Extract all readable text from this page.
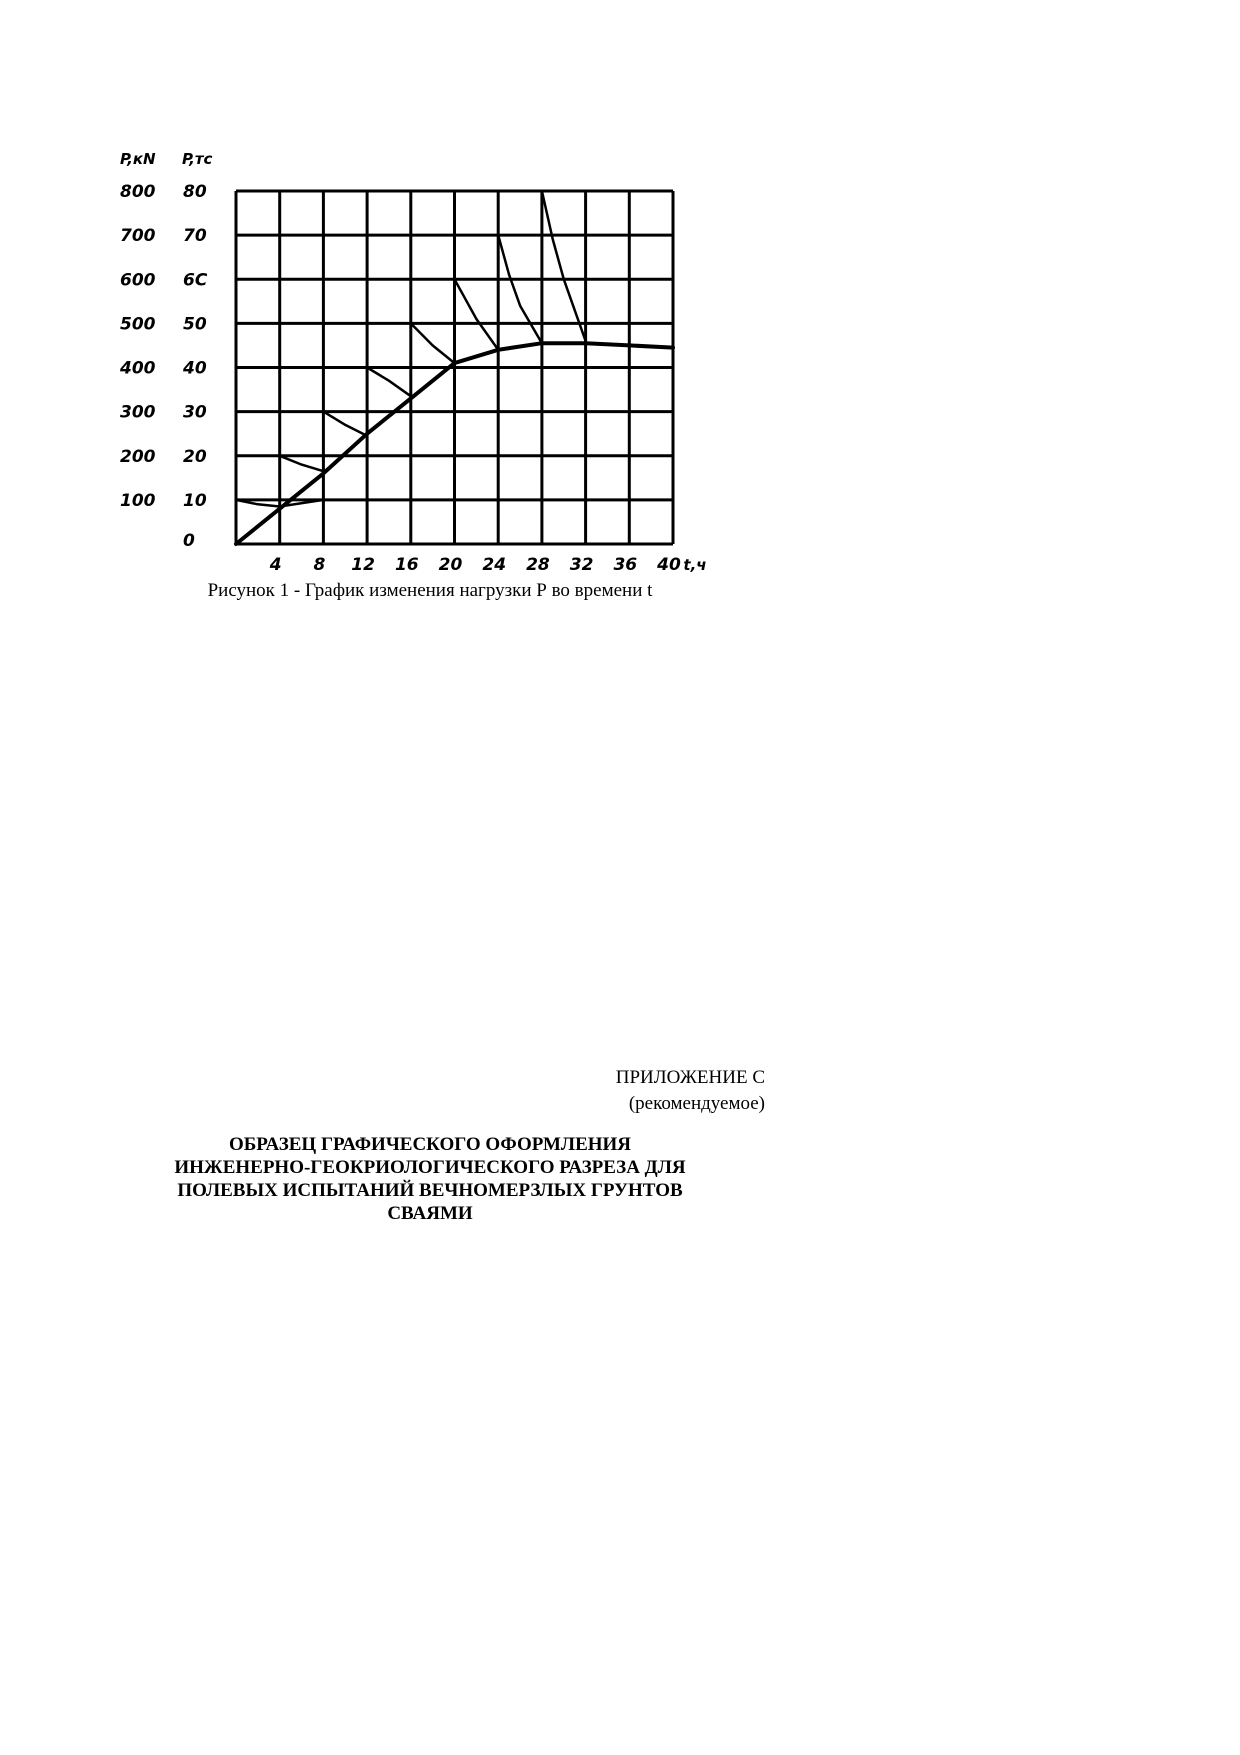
4 8 12 16 20 24 28 32 36 40 t,ч
0
10
20
30
40
50
6С
70
80
P,тс
100
200
300
400
500
600
700
800
P,кN
Рисунок 1 - График изменения нагрузки Р во времени t
ПРИЛОЖЕНИЕ С
(рекомендуемое)
ОБРАЗЕЦ ГРАФИЧЕСКОГО ОФОРМЛЕНИЯ
ИНЖЕНЕРНО-ГЕОКРИОЛОГИЧЕСКОГО РАЗРЕЗА ДЛЯ
ПОЛЕВЫХ ИСПЫТАНИЙ ВЕЧНОМЕРЗЛЫХ ГРУНТОВ
СВАЯМИ
